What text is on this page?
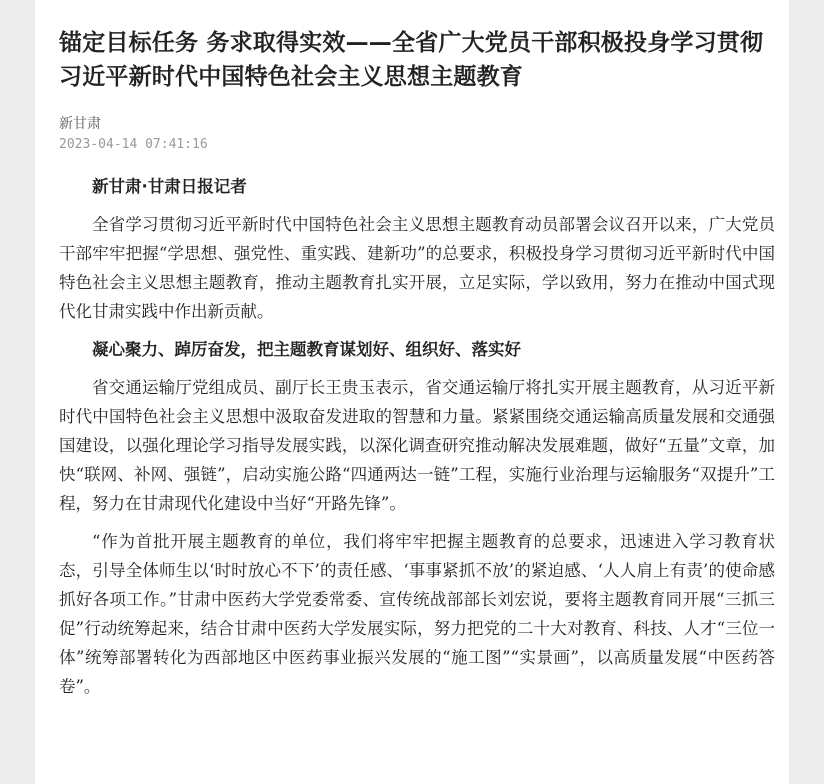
锚定目标任务 务求取得实效——全省广大党员干部积极投身学习贯彻习近平新时代中国特色社会主义思想主题教育
新甘肃
2023-04-14 07:41:16

新甘肃·甘肃日报记者

全省学习贯彻习近平新时代中国特色社会主义思想主题教育动员部署会议召开以来，广大党员干部牢牢把握“学思想、强党性、重实践、建新功”的总要求，积极投身学习贯彻习近平新时代中国特色社会主义思想主题教育，推动主题教育扎实开展，立足实际，学以致用，努力在推动中国式现代化甘肃实践中作出新贡献。

凝心聚力、踔厉奋发，把主题教育谋划好、组织好、落实好

省交通运输厅党组成员、副厅长王贵玉表示，省交通运输厅将扎实开展主题教育，从习近平新时代中国特色社会主义思想中汲取奋发进取的智慧和力量。紧紧围绕交通运输高质量发展和交通强国建设，以强化理论学习指导发展实践，以深化调查研究推动解决发展难题，做好“五量”文章，加快“联网、补网、强链”，启动实施公路“四通两达一链”工程，实施行业治理与运输服务“双提升”工程，努力在甘肃现代化建设中当好“开路先锋”。

“作为首批开展主题教育的单位，我们将牢牢把握主题教育的总要求，迅速进入学习教育状态，引导全体师生以‘时时放心不下’的责任感、‘事事紧抓不放’的紧迫感、‘人人肩上有责’的使命感抓好各项工作。”甘肃中医药大学党委常委、宣传统战部部长刘宏说，要将主题教育同开展“三抓三促”行动统筹起来，结合甘肃中医药大学发展实际，努力把党的二十大对教育、科技、人才“三位一体”统筹部署转化为西部地区中医药事业振兴发展的“施工图”“实景画”，以高质量发展“中医药答卷”。
